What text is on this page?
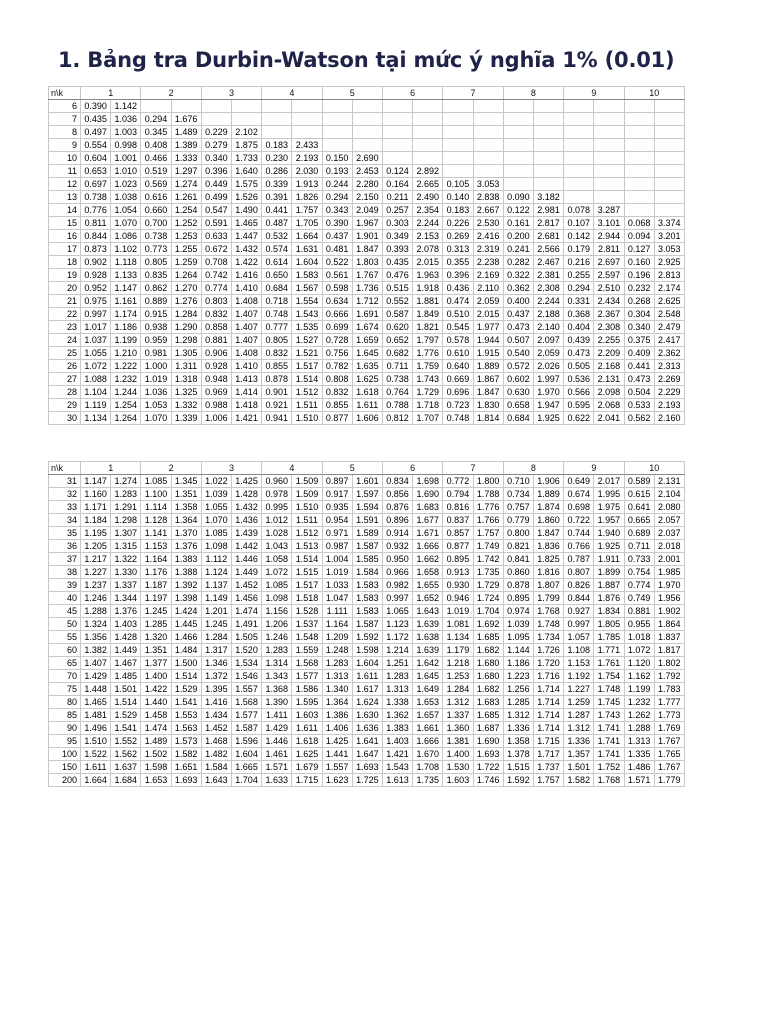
1. Bảng tra Durbin-Watson tại mức ý nghĩa 1% (0.01)
n\k	1		2		3		4		5		6		7		8		9		10	
6	0.390	1.142																		
7	0.435	1.036	0.294	1.676																
8	0.497	1.003	0.345	1.489	0.229	2.102														
9	0.554	0.998	0.408	1.389	0.279	1.875	0.183	2.433												
10	0.604	1.001	0.466	1.333	0.340	1.733	0.230	2.193	0.150	2.690										
11	0.653	1.010	0.519	1.297	0.396	1.640	0.286	2.030	0.193	2.453	0.124	2.892								
12	0.697	1.023	0.569	1.274	0.449	1.575	0.339	1.913	0.244	2.280	0.164	2.665	0.105	3.053						
13	0.738	1.038	0.616	1.261	0.499	1.526	0.391	1.826	0.294	2.150	0.211	2.490	0.140	2.838	0.090	3.182				
14	0.776	1.054	0.660	1.254	0.547	1.490	0.441	1.757	0.343	2.049	0.257	2.354	0.183	2.667	0.122	2.981	0.078	3.287		
15	0.811	1.070	0.700	1.252	0.591	1.465	0.487	1.705	0.390	1.967	0.303	2.244	0.226	2.530	0.161	2.817	0.107	3.101	0.068	3.374
16	0.844	1.086	0.738	1.253	0.633	1.447	0.532	1.664	0.437	1.901	0.349	2.153	0.269	2.416	0.200	2.681	0.142	2.944	0.094	3.201
17	0.873	1.102	0.773	1.255	0.672	1.432	0.574	1.631	0.481	1.847	0.393	2.078	0.313	2.319	0.241	2.566	0.179	2.811	0.127	3.053
18	0.902	1.118	0.805	1.259	0.708	1.422	0.614	1.604	0.522	1.803	0.435	2.015	0.355	2.238	0.282	2.467	0.216	2.697	0.160	2.925
19	0.928	1.133	0.835	1.264	0.742	1.416	0.650	1.583	0.561	1.767	0.476	1.963	0.396	2.169	0.322	2.381	0.255	2.597	0.196	2.813
20	0.952	1.147	0.862	1.270	0.774	1.410	0.684	1.567	0.598	1.736	0.515	1.918	0.436	2.110	0.362	2.308	0.294	2.510	0.232	2.174
21	0.975	1.161	0.889	1.276	0.803	1.408	0.718	1.554	0.634	1.712	0.552	1.881	0.474	2.059	0.400	2.244	0.331	2.434	0.268	2.625
22	0.997	1.174	0.915	1.284	0.832	1.407	0.748	1.543	0.666	1.691	0.587	1.849	0.510	2.015	0.437	2.188	0.368	2.367	0.304	2.548
23	1.017	1.186	0.938	1.290	0.858	1.407	0.777	1.535	0.699	1.674	0.620	1.821	0.545	1.977	0.473	2.140	0.404	2.308	0.340	2.479
24	1.037	1.199	0.959	1.298	0.881	1.407	0.805	1.527	0.728	1.659	0.652	1.797	0.578	1.944	0.507	2.097	0.439	2.255	0.375	2.417
25	1.055	1.210	0.981	1.305	0.906	1.408	0.832	1.521	0.756	1.645	0.682	1.776	0.610	1.915	0.540	2.059	0.473	2.209	0.409	2.362
26	1.072	1.222	1.000	1.311	0.928	1.410	0.855	1.517	0.782	1.635	0.711	1.759	0.640	1.889	0.572	2.026	0.505	2.168	0.441	2.313
27	1.088	1.232	1.019	1.318	0.948	1.413	0.878	1.514	0.808	1.625	0.738	1.743	0.669	1.867	0.602	1.997	0.536	2.131	0.473	2.269
28	1.104	1.244	1.036	1.325	0.969	1.414	0.901	1.512	0.832	1.618	0.764	1.729	0.696	1.847	0.630	1.970	0.566	2.098	0.504	2.229
29	1.119	1.254	1.053	1.332	0.988	1.418	0.921	1.511	0.855	1.611	0.788	1.718	0.723	1.830	0.658	1.947	0.595	2.068	0.533	2.193
30	1.134	1.264	1.070	1.339	1.006	1.421	0.941	1.510	0.877	1.606	0.812	1.707	0.748	1.814	0.684	1.925	0.622	2.041	0.562	2.160
n\k	1		2		3		4		5		6		7		8		9		10	
31	1.147	1.274	1.085	1.345	1.022	1.425	0.960	1.509	0.897	1.601	0.834	1.698	0.772	1.800	0.710	1.906	0.649	2.017	0.589	2.131
32	1.160	1.283	1.100	1.351	1.039	1.428	0.978	1.509	0.917	1.597	0.856	1.690	0.794	1.788	0.734	1.889	0.674	1.995	0.615	2.104
33	1.171	1.291	1.114	1.358	1.055	1.432	0.995	1.510	0.935	1.594	0.876	1.683	0.816	1.776	0.757	1.874	0.698	1.975	0.641	2.080
34	1.184	1.298	1.128	1.364	1.070	1.436	1.012	1.511	0.954	1.591	0.896	1.677	0.837	1.766	0.779	1.860	0.722	1.957	0.665	2.057
35	1.195	1.307	1.141	1.370	1.085	1.439	1.028	1.512	0.971	1.589	0.914	1.671	0.857	1.757	0.800	1.847	0.744	1.940	0.689	2.037
36	1.205	1.315	1.153	1.376	1.098	1.442	1.043	1.513	0.987	1.587	0.932	1.666	0.877	1.749	0.821	1.836	0.766	1.925	0.711	2.018
37	1.217	1.322	1.164	1.383	1.112	1.446	1.058	1.514	1.004	1.585	0.950	1.662	0.895	1.742	0.841	1.825	0.787	1.911	0.733	2.001
38	1.227	1.330	1.176	1.388	1.124	1.449	1.072	1.515	1.019	1.584	0.966	1.658	0.913	1.735	0.860	1.816	0.807	1.899	0.754	1.985
39	1.237	1.337	1.187	1.392	1.137	1.452	1.085	1.517	1.033	1.583	0.982	1.655	0.930	1.729	0.878	1.807	0.826	1.887	0.774	1.970
40	1.246	1.344	1.197	1.398	1.149	1.456	1.098	1.518	1.047	1.583	0.997	1.652	0.946	1.724	0.895	1.799	0.844	1.876	0.749	1.956
45	1.288	1.376	1.245	1.424	1.201	1.474	1.156	1.528	1.111	1.583	1.065	1.643	1.019	1.704	0.974	1.768	0.927	1.834	0.881	1.902
50	1.324	1.403	1.285	1.445	1.245	1.491	1.206	1.537	1.164	1.587	1.123	1.639	1.081	1.692	1.039	1.748	0.997	1.805	0.955	1.864
55	1.356	1.428	1.320	1.466	1.284	1.505	1.246	1.548	1.209	1.592	1.172	1.638	1.134	1.685	1.095	1.734	1.057	1.785	1.018	1.837
60	1.382	1.449	1.351	1.484	1.317	1.520	1.283	1.559	1.248	1.598	1.214	1.639	1.179	1.682	1.144	1.726	1.108	1.771	1.072	1.817
65	1.407	1.467	1.377	1.500	1.346	1.534	1.314	1.568	1.283	1.604	1.251	1.642	1.218	1.680	1.186	1.720	1.153	1.761	1.120	1.802
70	1.429	1.485	1.400	1.514	1.372	1.546	1.343	1.577	1.313	1.611	1.283	1.645	1.253	1.680	1.223	1.716	1.192	1.754	1.162	1.792
75	1.448	1.501	1.422	1.529	1.395	1.557	1.368	1.586	1.340	1.617	1.313	1.649	1.284	1.682	1.256	1.714	1.227	1.748	1.199	1.783
80	1.465	1.514	1.440	1.541	1.416	1.568	1.390	1.595	1.364	1.624	1.338	1.653	1.312	1.683	1.285	1.714	1.259	1.745	1.232	1.777
85	1.481	1.529	1.458	1.553	1.434	1.577	1.411	1.603	1.386	1.630	1.362	1.657	1.337	1.685	1.312	1.714	1.287	1.743	1.262	1.773
90	1.496	1.541	1.474	1.563	1.452	1.587	1.429	1.611	1.406	1.636	1.383	1.661	1.360	1.687	1.336	1.714	1.312	1.741	1.288	1.769
95	1.510	1.552	1.489	1.573	1.468	1.596	1.446	1.618	1.425	1.641	1.403	1.666	1.381	1.690	1.358	1.715	1.336	1.741	1.313	1.767
100	1.522	1.562	1.502	1.582	1.482	1.604	1.461	1.625	1.441	1.647	1.421	1.670	1.400	1.693	1.378	1.717	1.357	1.741	1.335	1.765
150	1.611	1.637	1.598	1.651	1.584	1.665	1.571	1.679	1.557	1.693	1.543	1.708	1.530	1.722	1.515	1.737	1.501	1.752	1.486	1.767
200	1.664	1.684	1.653	1.693	1.643	1.704	1.633	1.715	1.623	1.725	1.613	1.735	1.603	1.746	1.592	1.757	1.582	1.768	1.571	1.779
